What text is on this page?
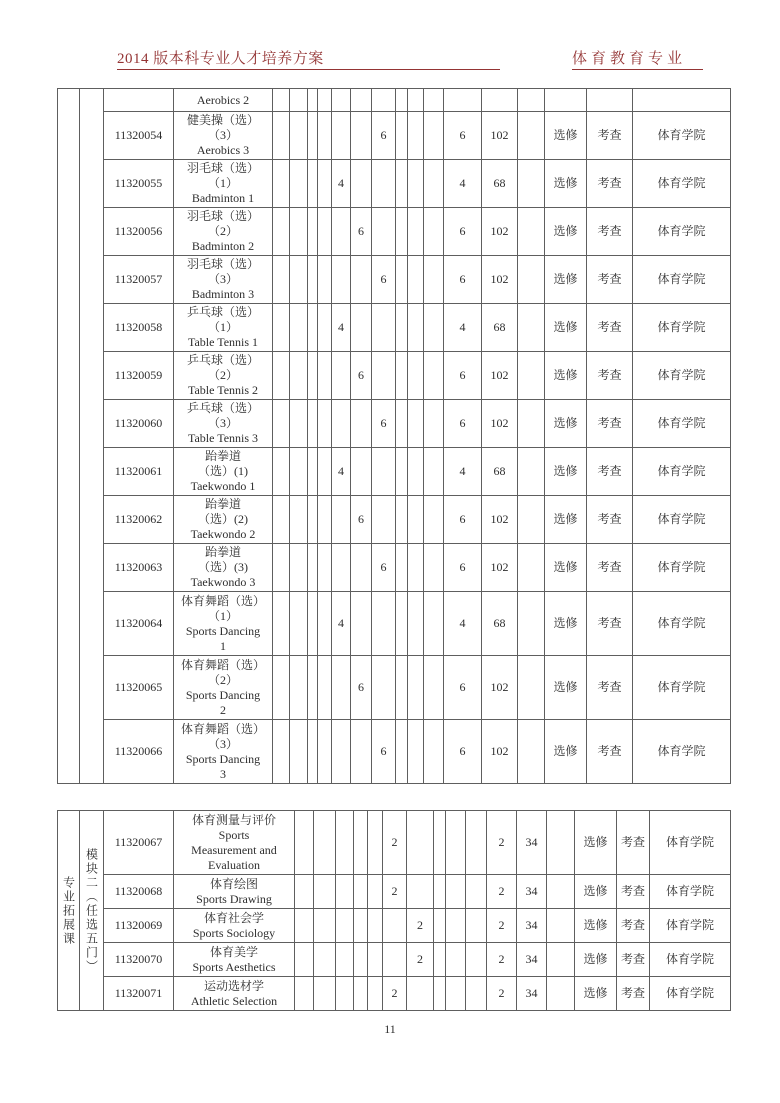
2014 版本科专业人才培养方案	体育教育专业

			Aerobics 2																

		11320054	健美操（选）
（3）
Aerobics 3							6				6	102		选修	考查	体育学院
		11320055	羽毛球（选）
（1）
Badminton 1					4						4	68		选修	考查	体育学院
		11320056	羽毛球（选）
（2）
Badminton 2						6					6	102		选修	考查	体育学院
		11320057	羽毛球（选）
（3）
Badminton 3							6				6	102		选修	考查	体育学院
		11320058	乒乓球（选）
（1）
Table Tennis 1					4						4	68		选修	考查	体育学院
		11320059	乒乓球（选）
（2）
Table Tennis 2						6					6	102		选修	考查	体育学院
		11320060	乒乓球（选）
（3）
Table Tennis 3							6				6	102		选修	考查	体育学院
		11320061	跆拳道
（选）(1)
Taekwondo 1					4						4	68		选修	考查	体育学院
		11320062	跆拳道
（选）(2)
Taekwondo 2						6					6	102		选修	考查	体育学院
		11320063	跆拳道
（选）(3)
Taekwondo 3							6				6	102		选修	考查	体育学院
		11320064	体育舞蹈（选）
（1）
Sports Dancing
1					4						4	68		选修	考查	体育学院
		11320065	体育舞蹈（选）
（2）
Sports Dancing
2						6					6	102		选修	考查	体育学院
		11320066	体育舞蹈（选）
（3）
Sports Dancing
3							6				6	102		选修	考查	体育学院
专业拓展课	模块二（任选五门）	11320067	体育测量与评价
Sports
Measurement and
Evaluation						2					2	34		选修	考查	体育学院
		11320068	体育绘图
Sports Drawing						2					2	34		选修	考查	体育学院
		11320069	体育社会学
Sports Sociology							2				2	34		选修	考查	体育学院
		11320070	体育美学
Sports Aesthetics							2				2	34		选修	考查	体育学院
		11320071	运动选材学
Athletic Selection						2					2	34		选修	考查	体育学院
11
